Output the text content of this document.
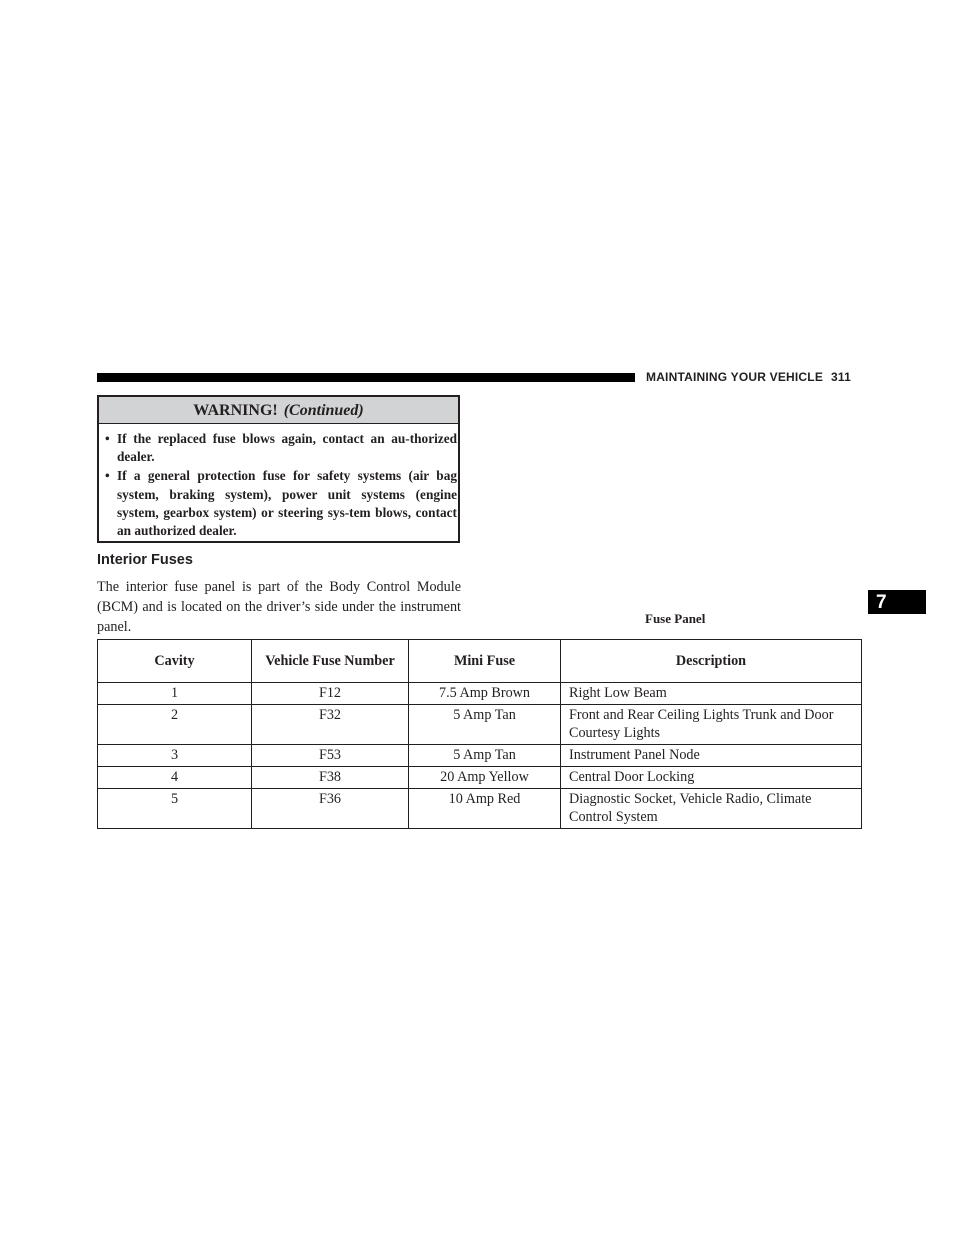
MAINTAINING YOUR VEHICLE 311
WARNING! (Continued)
• If the replaced fuse blows again, contact an au-thorized dealer.
• If a general protection fuse for safety systems (air bag system, braking system), power unit systems (engine system, gearbox system) or steering sys-tem blows, contact an authorized dealer.
Interior Fuses

The interior fuse panel is part of the Body Control Module (BCM) and is located on the driver’s side under the instrument panel.

Fuse Panel
7
Cavity	Vehicle Fuse Number	Mini Fuse	Description
1	F12	7.5 Amp Brown	Right Low Beam
2	F32	5 Amp Tan	Front and Rear Ceiling Lights Trunk and Door Courtesy Lights
3	F53	5 Amp Tan	Instrument Panel Node
4	F38	20 Amp Yellow	Central Door Locking
5	F36	10 Amp Red	Diagnostic Socket, Vehicle Radio, Climate Control System
